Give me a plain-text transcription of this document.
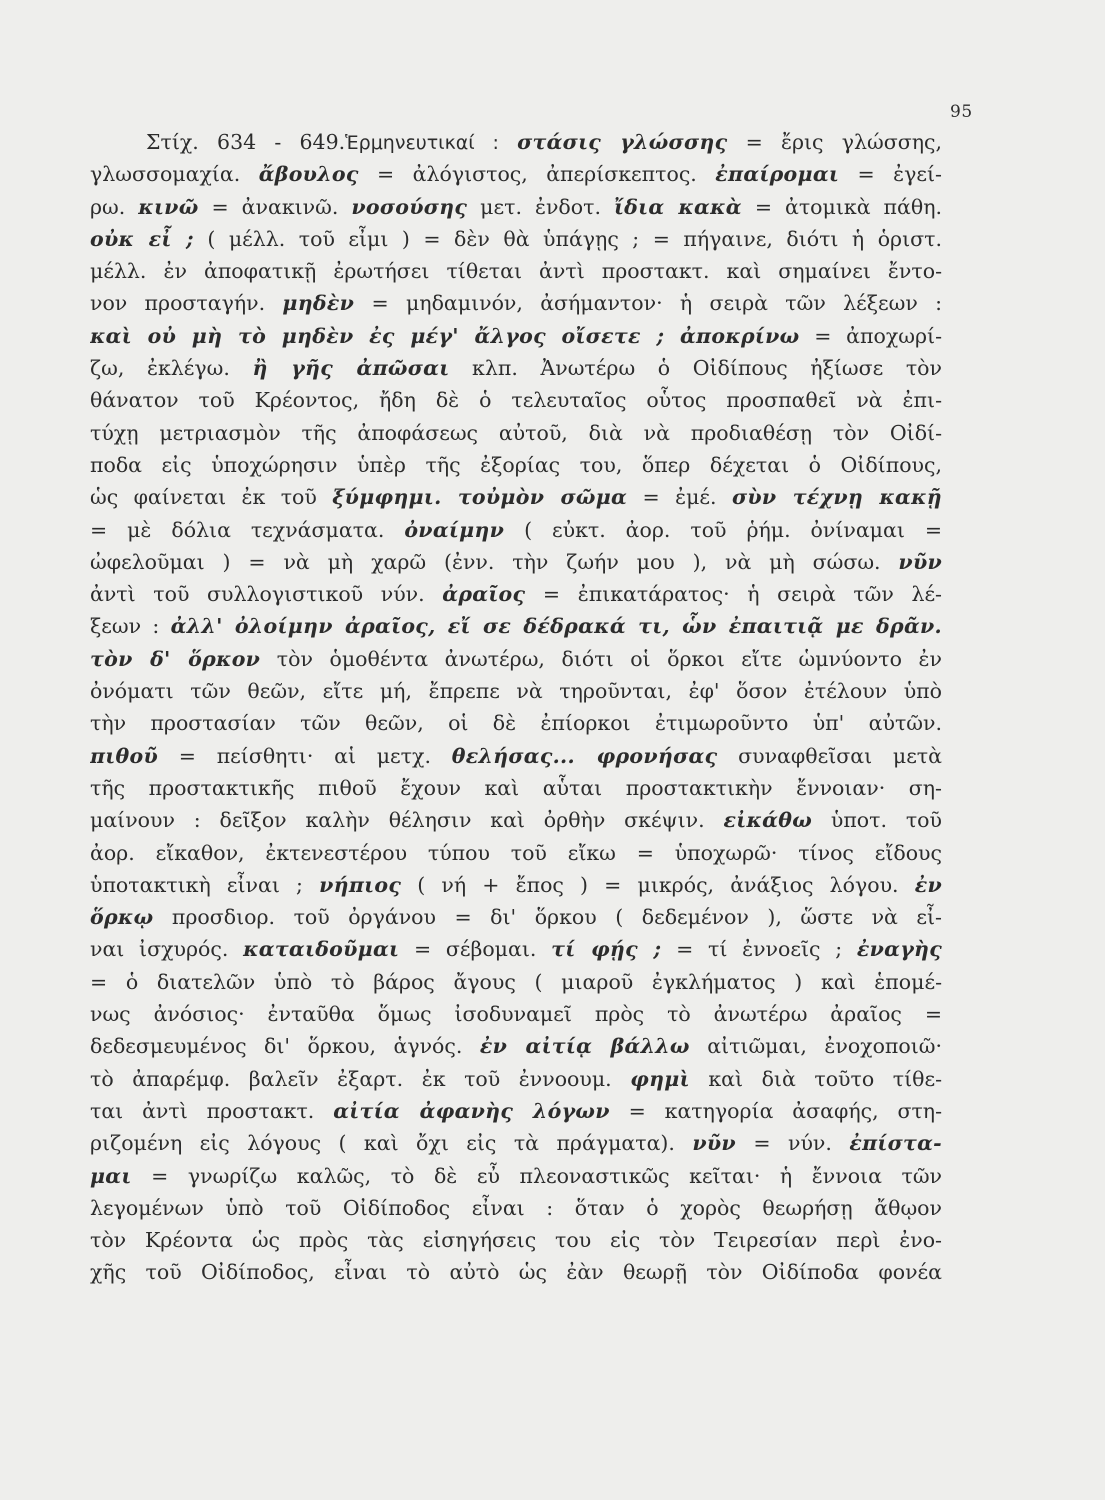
95
Στίχ. 634 - 649.Ἑρμηνευτικαί : στάσις γλώσσης = ἔρις γλώσσης,
γλωσσομαχία. ἄβουλος = ἀλόγιστος, ἀπερίσκεπτος. ἐπαίρομαι = ἐγεί-
ρω. κινῶ = ἀνακινῶ. νοσούσης μετ. ἐνδοτ. ἴδια κακὰ = ἀτομικὰ πάθη.
οὐκ εἶ ; ( μέλλ. τοῦ εἶμι ) = δὲν θὰ ὑπάγῃς ; = πήγαινε, διότι ἡ ὁριστ.
μέλλ. ἐν ἀποφατικῇ ἐρωτήσει τίθεται ἀντὶ προστακτ. καὶ σημαίνει ἔντο-
νον προσταγήν. μηδὲν = μηδαμινόν, ἀσήμαντον· ἡ σειρὰ τῶν λέξεων :
καὶ οὐ μὴ τὸ μηδὲν ἐς μέγ' ἄλγος οἴσετε ; ἀποκρίνω = ἀποχωρί-
ζω, ἐκλέγω. ἢ γῆς ἀπῶσαι κλπ. Ἀνωτέρω ὁ Οἰδίπους ἠξίωσε τὸν
θάνατον τοῦ Κρέοντος, ἤδη δὲ ὁ τελευταῖος οὗτος προσπαθεῖ νὰ ἐπι-
τύχῃ μετριασμὸν τῆς ἀποφάσεως αὐτοῦ, διὰ νὰ προδιαθέσῃ τὸν Οἰδί-
ποδα εἰς ὑποχώρησιν ὑπὲρ τῆς ἐξορίας του, ὅπερ δέχεται ὁ Οἰδίπους,
ὡς φαίνεται ἐκ τοῦ ξύμφημι. τοὐμὸν σῶμα = ἐμέ. σὺν τέχνῃ κακῇ
= μὲ δόλια τεχνάσματα. ὀναίμην ( εὐκτ. ἀορ. τοῦ ῥήμ. ὀνίναμαι =
ὠφελοῦμαι ) = νὰ μὴ χαρῶ (ἐνν. τὴν ζωήν μου ), νὰ μὴ σώσω. νῦν
ἀντὶ τοῦ συλλογιστικοῦ νύν. ἀραῖος = ἐπικατάρατος· ἡ σειρὰ τῶν λέ-
ξεων : ἀλλ' ὀλοίμην ἀραῖος, εἴ σε δέδρακά τι, ὧν ἐπαιτιᾷ με δρᾶν.
τὸν δ' ὅρκον τὸν ὁμοθέντα ἀνωτέρω, διότι οἱ ὅρκοι εἴτε ὡμνύοντο ἐν
ὀνόματι τῶν θεῶν, εἴτε μή, ἔπρεπε νὰ τηροῦνται, ἐφ' ὅσον ἐτέλουν ὑπὸ
τὴν προστασίαν τῶν θεῶν, οἱ δὲ ἐπίορκοι ἐτιμωροῦντο ὑπ' αὐτῶν.
πιθοῦ = πείσθητι· αἱ μετχ. θελήσας... φρονήσας συναφθεῖσαι μετὰ
τῆς προστακτικῆς πιθοῦ ἔχουν καὶ αὗται προστακτικὴν ἔννοιαν· ση-
μαίνουν : δεῖξον καλὴν θέλησιν καὶ ὀρθὴν σκέψιν. εἰκάθω ὑποτ. τοῦ
ἀορ. εἴκαθον, ἐκτενεστέρου τύπου τοῦ εἴκω = ὑποχωρῶ· τίνος εἴδους
ὑποτακτικὴ εἶναι ; νήπιος ( νή + ἔπος ) = μικρός, ἀνάξιος λόγου. ἐν
ὅρκῳ προσδιορ. τοῦ ὀργάνου = δι' ὅρκου ( δεδεμένον ), ὥστε νὰ εἶ-
ναι ἰσχυρός. καταιδοῦμαι = σέβομαι. τί φῄς ; = τί ἐννοεῖς ; ἐναγὴς
= ὁ διατελῶν ὑπὸ τὸ βάρος ἄγους ( μιαροῦ ἐγκλήματος ) καὶ ἑπομέ-
νως ἀνόσιος· ἐνταῦθα ὅμως ἰσοδυναμεῖ πρὸς τὸ ἀνωτέρω ἀραῖος =
δεδεσμευμένος δι' ὅρκου, ἁγνός. ἐν αἰτίᾳ βάλλω αἰτιῶμαι, ἐνοχοποιῶ·
τὸ ἀπαρέμφ. βαλεῖν ἐξαρτ. ἐκ τοῦ ἐννοουμ. φημὶ καὶ διὰ τοῦτο τίθε-
ται ἀντὶ προστακτ. αἰτία ἀφανὴς λόγων = κατηγορία ἀσαφής, στη-
ριζομένη εἰς λόγους ( καὶ ὄχι εἰς τὰ πράγματα). νῦν = νύν. ἐπίστα-
μαι = γνωρίζω καλῶς, τὸ δὲ εὖ πλεοναστικῶς κεῖται· ἡ ἔννοια τῶν
λεγομένων ὑπὸ τοῦ Οἰδίποδος εἶναι : ὅταν ὁ χορὸς θεωρήσῃ ἄθῳον
τὸν Κρέοντα ὡς πρὸς τὰς εἰσηγήσεις του εἰς τὸν Τειρεσίαν περὶ ἐνο-
χῆς τοῦ Οἰδίποδος, εἶναι τὸ αὐτὸ ὡς ἐὰν θεωρῇ τὸν Οἰδίποδα φονέα
